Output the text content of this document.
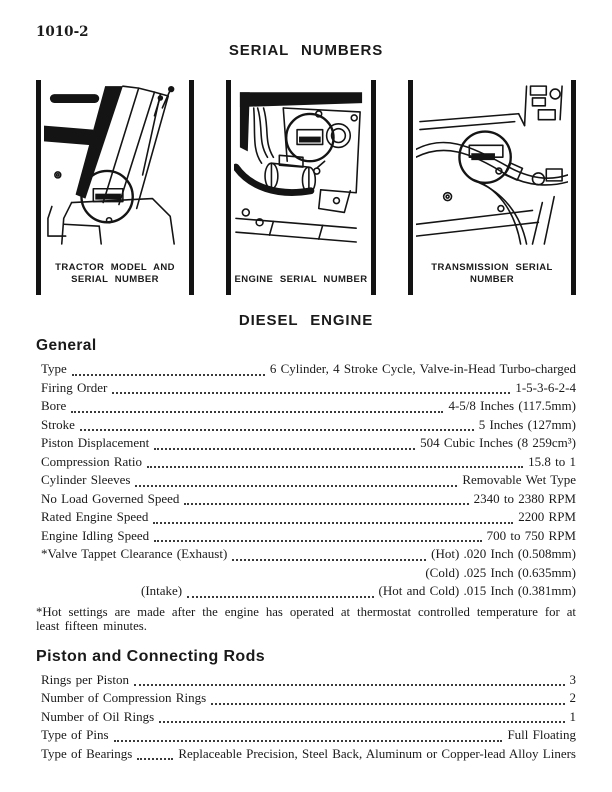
1010-2
SERIAL NUMBERS
TRACTOR MODEL AND
SERIAL NUMBER	ENGINE SERIAL NUMBER
TRANSMISSION SERIAL NUMBER
DIESEL ENGINE
General
Type	6 Cylinder, 4 Stroke Cycle, Valve-in-Head Turbo-charged
Firing Order	1-5-3-6-2-4
Bore	4-5/8 Inches (117.5mm)
Stroke	5 Inches (127mm)
Piston Displacement	504 Cubic Inches (8 259cm³)
Compression Ratio	15.8 to 1
Cylinder Sleeves	Removable Wet Type
No Load Governed Speed	2340 to 2380 RPM
Rated Engine Speed	2200 RPM
Engine Idling Speed	700 to 750 RPM
*Valve Tappet Clearance (Exhaust)	(Hot) .020 Inch (0.508mm)
(Cold) .025 Inch (0.635mm)
(Intake)	(Hot and Cold) .015 Inch (0.381mm)

*Hot settings are made after the engine has operated at thermostat controlled temperature for at least fifteen minutes.

Piston and Connecting Rods
Rings per Piston	3
Number of Compression Rings	2
Number of Oil Rings	1
Type of Pins	Full Floating
Type of Bearings	Replaceable Precision, Steel Back, Aluminum or Copper-lead Alloy Liners
